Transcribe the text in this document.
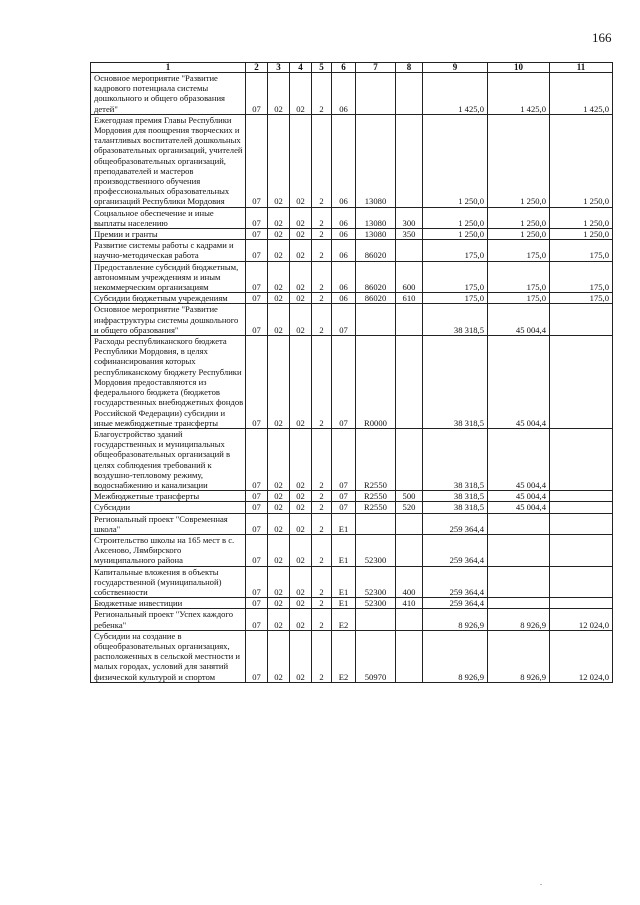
166
1	2	3	4	5	6	7	8	9	10	11
Основное мероприятие "Развитие кадрового потенциала системы дошкольного и общего образования детей"	07	02	02	2	06			1 425,0	1 425,0	1 425,0
Ежегодная премия Главы Республики Мордовия для поощрения творческих и талантливых воспитателей дошкольных образовательных организаций, учителей общеобразовательных организаций, преподавателей и мастеров производственного обучения профессиональных образовательных организаций Республики Мордовия	07	02	02	2	06	13080		1 250,0	1 250,0	1 250,0
Социальное обеспечение и иные выплаты населению	07	02	02	2	06	13080	300	1 250,0	1 250,0	1 250,0
Премии и гранты	07	02	02	2	06	13080	350	1 250,0	1 250,0	1 250,0
Развитие системы работы с кадрами и научно-методическая работа	07	02	02	2	06	86020		175,0	175,0	175,0
Предоставление субсидий бюджетным, автономным учреждениям и иным некоммерческим организациям	07	02	02	2	06	86020	600	175,0	175,0	175,0
Субсидии бюджетным учреждениям	07	02	02	2	06	86020	610	175,0	175,0	175,0
Основное мероприятие "Развитие инфраструктуры системы дошкольного и общего образования"	07	02	02	2	07			38 318,5	45 004,4	
Расходы республиканского бюджета Республики Мордовия, в целях софинансирования которых республиканскому бюджету Республики Мордовия предоставляются из федерального бюджета (бюджетов государственных внебюджетных фондов Российской Федерации) субсидии и иные межбюджетные трансферты	07	02	02	2	07	R0000		38 318,5	45 004,4	
Благоустройство зданий государственных и муниципальных общеобразовательных организаций в целях соблюдения требований к воздушно-тепловому режиму, водоснабжению и канализации	07	02	02	2	07	R2550		38 318,5	45 004,4	
Межбюджетные трансферты	07	02	02	2	07	R2550	500	38 318,5	45 004,4	
Субсидии	07	02	02	2	07	R2550	520	38 318,5	45 004,4	
Региональный проект "Современная школа"	07	02	02	2	E1			259 364,4		
Строительство школы на 165 мест в с. Аксеново, Лямбирского муниципального района	07	02	02	2	E1	52300		259 364,4		
Капитальные вложения в объекты государственной (муниципальной) собственности	07	02	02	2	E1	52300	400	259 364,4		
Бюджетные инвестиции	07	02	02	2	E1	52300	410	259 364,4		
Региональный проект "Успех каждого ребенка"	07	02	02	2	E2			8 926,9	8 926,9	12 024,0
Субсидии на создание в общеобразовательных организациях, расположенных в сельской местности и малых городах, условий для занятий физической культурой и спортом	07	02	02	2	E2	50970		8 926,9	8 926,9	12 024,0
.
